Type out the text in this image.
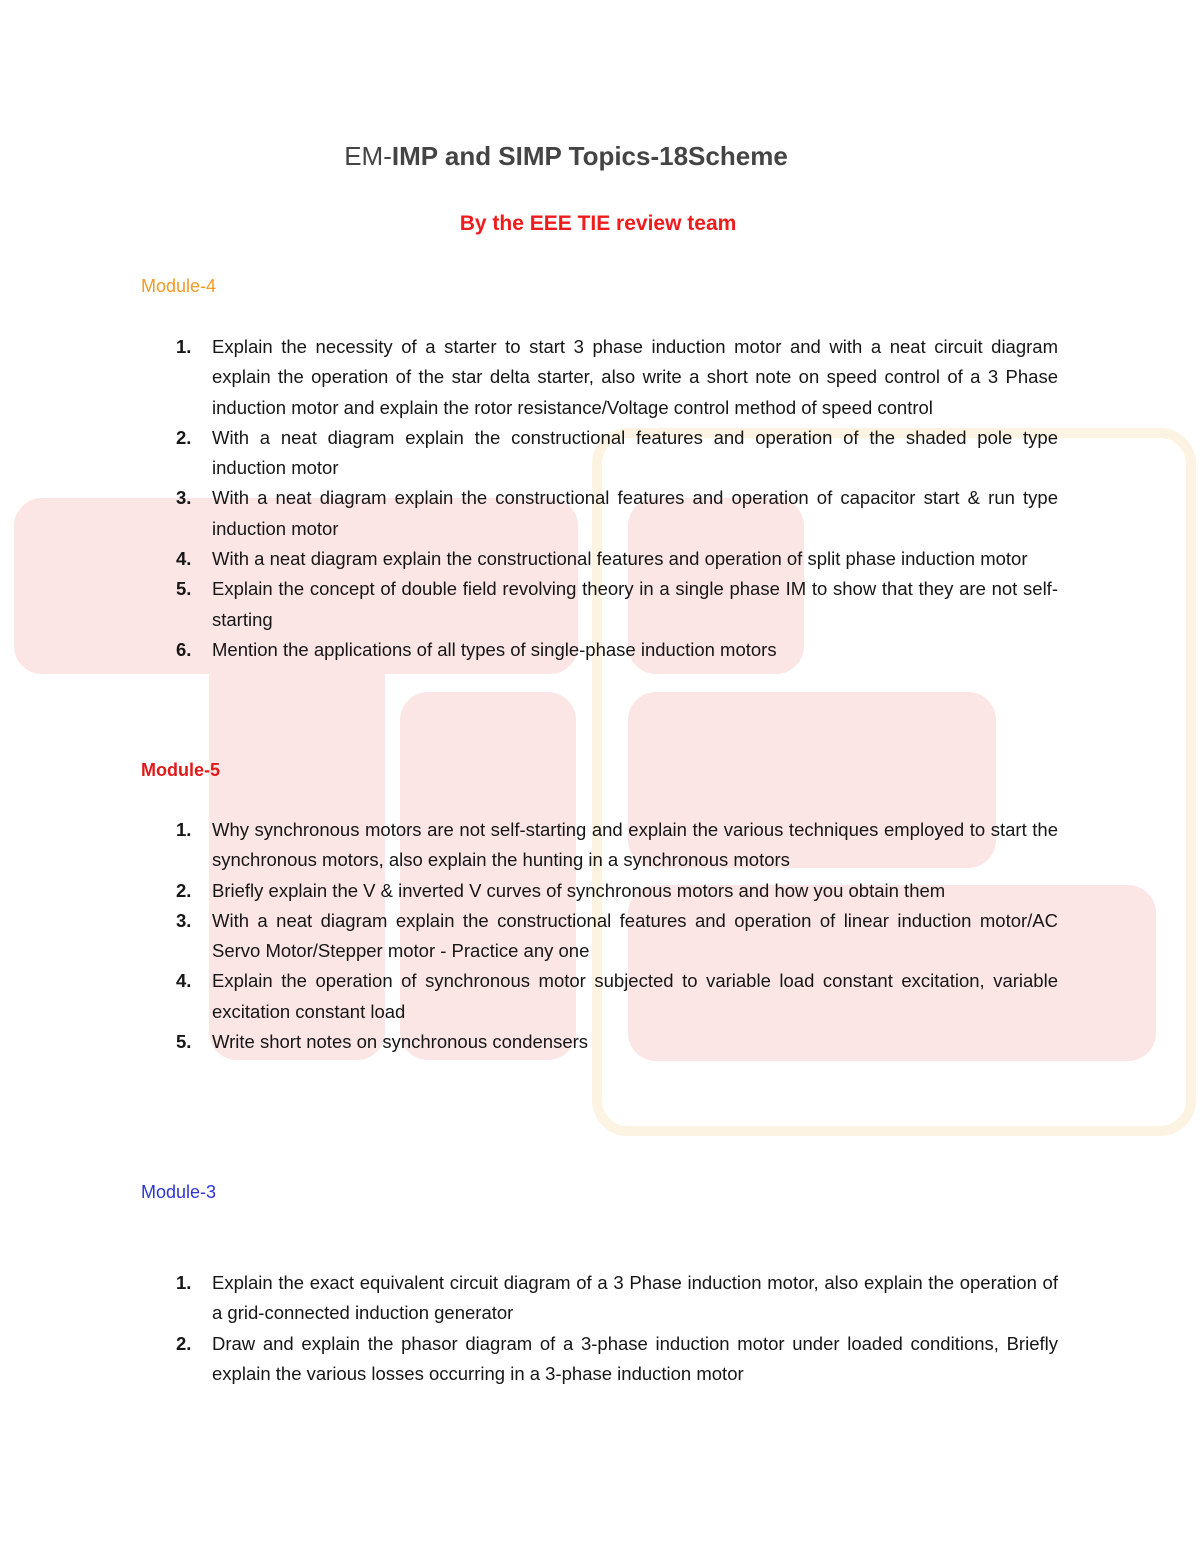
EM-IMP and SIMP Topics-18Scheme
By the EEE TIE review team
Module-4
1. Explain the necessity of a starter to start 3 phase induction motor and with a neat circuit diagram explain the operation of the star delta starter, also write a short note on speed control of a 3 Phase induction motor and explain the rotor resistance/Voltage control method of speed control
2. With a neat diagram explain the constructional features and operation of the shaded pole type induction motor
3. With a neat diagram explain the constructional features and operation of capacitor start & run type induction motor
4. With a neat diagram explain the constructional features and operation of split phase induction motor
5. Explain the concept of double field revolving theory in a single phase IM to show that they are not self-starting
6. Mention the applications of all types of single-phase induction motors
Module-5
1. Why synchronous motors are not self-starting and explain the various techniques employed to start the synchronous motors, also explain the hunting in a synchronous motors
2. Briefly explain the V & inverted V curves of synchronous motors and how you obtain them
3. With a neat diagram explain the constructional features and operation of linear induction motor/AC Servo Motor/Stepper motor - Practice any one
4. Explain the operation of synchronous motor subjected to variable load constant excitation, variable excitation constant load
5. Write short notes on synchronous condensers
Module-3
1. Explain the exact equivalent circuit diagram of a 3 Phase induction motor, also explain the operation of a grid-connected induction generator
2. Draw and explain the phasor diagram of a 3-phase induction motor under loaded conditions, Briefly explain the various losses occurring in a 3-phase induction motor
